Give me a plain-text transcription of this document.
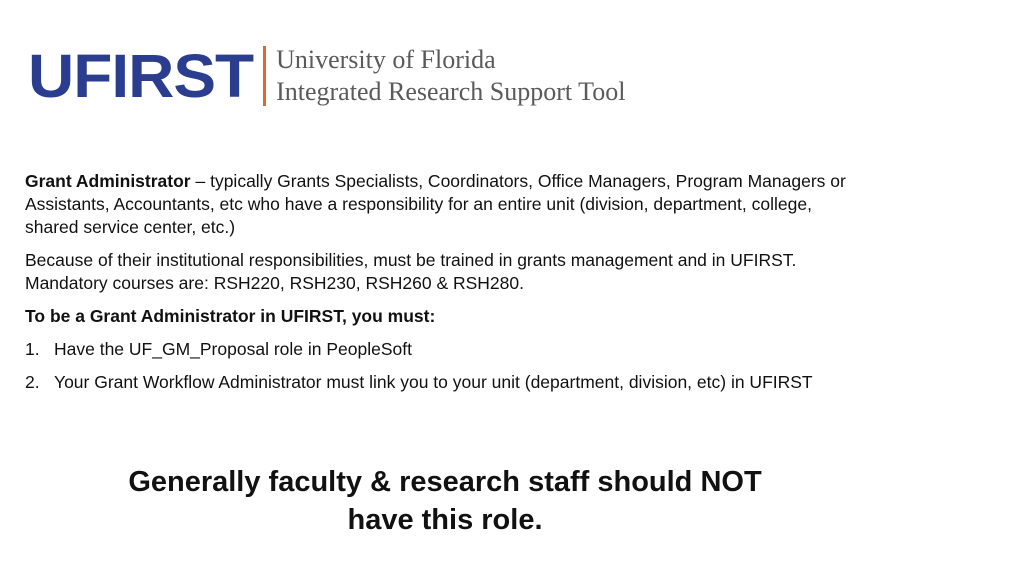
UFIRST University of Florida
Integrated Research Support Tool

Grant Administrator – typically Grants Specialists, Coordinators, Office Managers, Program Managers or Assistants, Accountants, etc who have a responsibility for an entire unit (division, department, college, shared service center, etc.)

Because of their institutional responsibilities, must be trained in grants management and in UFIRST. Mandatory courses are: RSH220, RSH230, RSH260 & RSH280.

To be a Grant Administrator in UFIRST, you must:

1. Have the UF_GM_Proposal role in PeopleSoft
2. Your Grant Workflow Administrator must link you to your unit (department, division, etc) in UFIRST
Generally faculty & research staff should NOT
have this role.
